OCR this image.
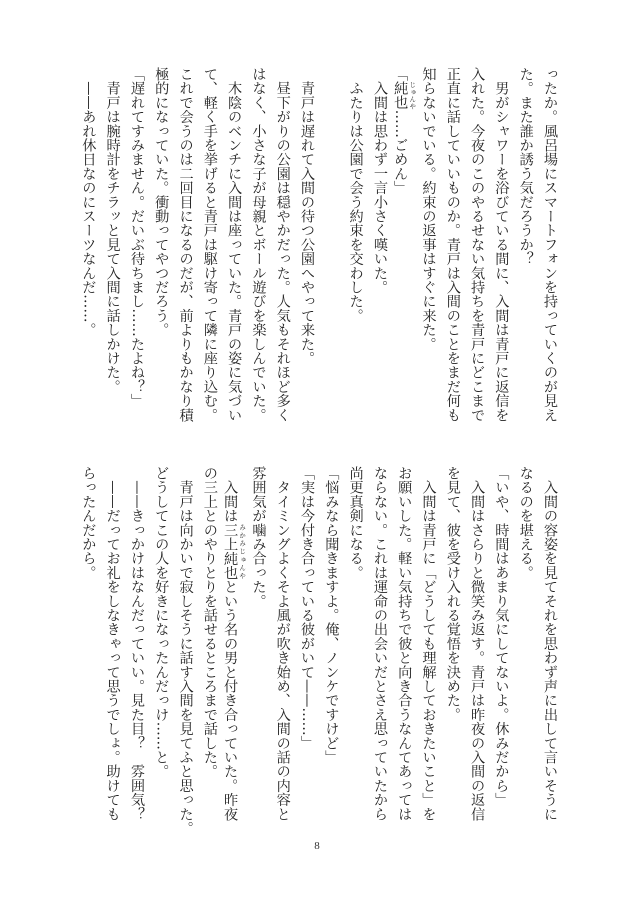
ったか。風呂場にスマートフォンを持っていくのが見え
た。また誰か誘う気だろうか？
　男がシャワーを浴びている間に、入間は青戸に返信を
入れた。今夜のこのやるせない気持ちを青戸にどこまで
正直に話していいものか。青戸は入間のことをまだ何も
知らないでいる。約束の返事はすぐに来た。
「純也 じゅんや……ごめん」
　入間は思わず一言小さく嘆いた。
　ふたりは公園で会う約束を交わした。
　青戸は遅れて入間の待つ公園へやって来た。
　昼下がりの公園は穏やかだった。人気もそれほど多く
はなく、小さな子が母親とボール遊びを楽しんでいた。
　木陰のベンチに入間は座っていた。青戸の姿に気づい
て、軽く手を挙げると青戸は駆け寄って隣に座り込む。
これで会うのは二回目になるのだが、前よりもかなり積
極的になっていた。衝動ってやつだろう。
「遅れてすみません。だいぶ待ちまし……たよね？」
　青戸は腕時計をチラッと見て入間に話しかけた。
　——あれ休日なのにスーツなんだ……。
　入間の容姿を見てそれを思わず声に出して言いそうに
なるのを堪える。
「いや、時間はあまり気にしてないよ。休みだから」
　入間はさらりと微笑み返す。青戸は昨夜の入間の返信
を見て、彼を受け入れる覚悟を決めた。
　入間は青戸に「どうしても理解しておきたいこと」を
お願いした。軽い気持ちで彼と向き合うなんてあっては
ならない。これは運命の出会いだとさえ思っていたから
尚更真剣になる。
「悩みなら聞きますよ。俺、ノンケですけど」
「実は今付き合っている彼がいて——……」
　タイミングよくそよ風が吹き始め、入間の話の内容と
雰囲気が噛み合った。
　入間は三上純也 みかみじゅんやという名の男と付き合っていた。昨夜
の三上とのやりとりを話せるところまで話した。
　青戸は向かいで寂しそうに話す入間を見てふと思った。
どうしてこの人を好きになったんだっけ……と。
　——きっかけはなんだっていい。見た目？　雰囲気？
　——だってお礼をしなきゃって思うでしょ。助けても
らったんだから。
8
